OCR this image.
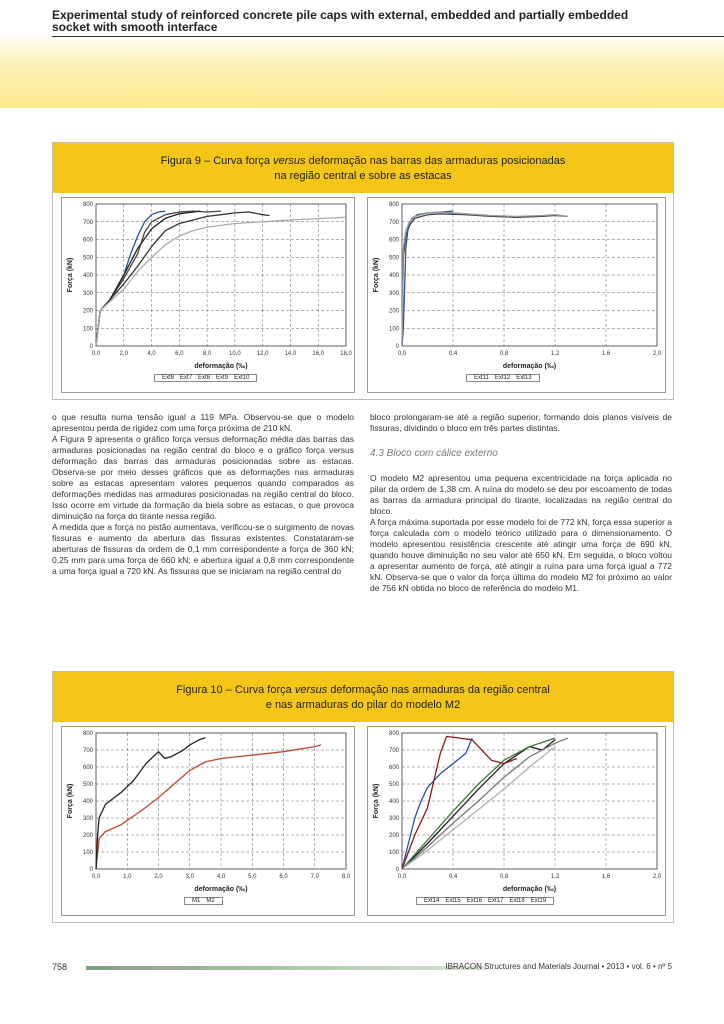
Experimental study of reinforced concrete pile caps with external, embedded and partially embedded
socket with smooth interface
Figura 9 – Curva força versus deformação nas barras das armaduras posicionadas
na região central e sobre as estacas
0
100
200
300
400
500
600
700
800
0,0	2,0	4,0	6,0	8,0	10,0	12,0	14,0	16,0	18,0
deformação (‰)
Força (kN)
Ext8 Ext7 Ext6 Ext9 Ext10
0
100
200
300
400
500
600
700
800
0,0	0,4	0,8	1,2	1,6	2,0
deformação (‰)
Força (kN)
Ext11 Ext12 Ext13

o que resulta numa tensão igual a 119 MPa. Observou-se que o modelo apresentou perda de rigidez com uma força próxima de 210 kN.

A Figura 9 apresenta o gráfico força versus deformação média das barras das armaduras posicionadas na região central do bloco e o gráfico força versus deformação das barras das armaduras posicionadas sobre as estacas. Observa-se por meio desses gráficos que as deformações nas armaduras sobre as estacas apresentam valores pequenos quando comparados as deformações medidas nas armaduras posicionadas na região central do bloco. Isso ocorre em virtude da formação da biela sobre as estacas, o que provoca diminuição na força do tirante nessa região.

A medida que a força no pistão aumentava, verificou-se o surgimento de novas fissuras e aumento da abertura das fissuras existentes. Constataram-se aberturas de fissuras da ordem de 0,1 mm correspondente a força de 360 kN; 0,25 mm para uma força de 660 kN; e abertura igual a 0,8 mm correspondente a uma força igual a 720 kN. As fissuras que se iniciaram na região central do

bloco prolongaram-se até a região superior, formando dois planos visíveis de fissuras, dividindo o bloco em três partes distintas.

4.3 Bloco com cálice externo

O modelo M2 apresentou uma pequena excentricidade na força aplicada no pilar da ordem de 1,38 cm. A ruína do modelo se deu por escoamento de todas as barras da armadura principal do tirante, localizadas na região central do bloco.

A força máxima suportada por esse modelo foi de 772 kN, força essa superior a força calculada com o modelo teórico utilizado para o dimensionamento. O modelo apresentou resistência crescente até atingir uma força de 690 kN, quando houve diminuição no seu valor até 650 kN. Em seguida, o bloco voltou a apresentar aumento de força, até atingir a ruína para uma força igual a 772 kN. Observa-se que o valor da força última do modelo M2 foi próximo ao valor de 756 kN obtida no bloco de referência do modelo M1.

Figura 10 – Curva força versus deformação nas armaduras da região central
e nas armaduras do pilar do modelo M2
0
100
200
300
400
500
600
700
800
0,0	1,0	2,0	3,0	4,0	5,0	6,0	7,0	8,0
deformação (‰)
Força (kN)
M1 M2
0
100
200
300
400
500
600
700
800
0,0	0,4	0,8	1,2	1,6	2,0
deformação (‰)
Força (kN)
Ext14 Ext15 Ext16 Ext17 Ext18 Ext19
758	IBRACON Structures and Materials Journal • 2013 • vol. 6 • nº 5
